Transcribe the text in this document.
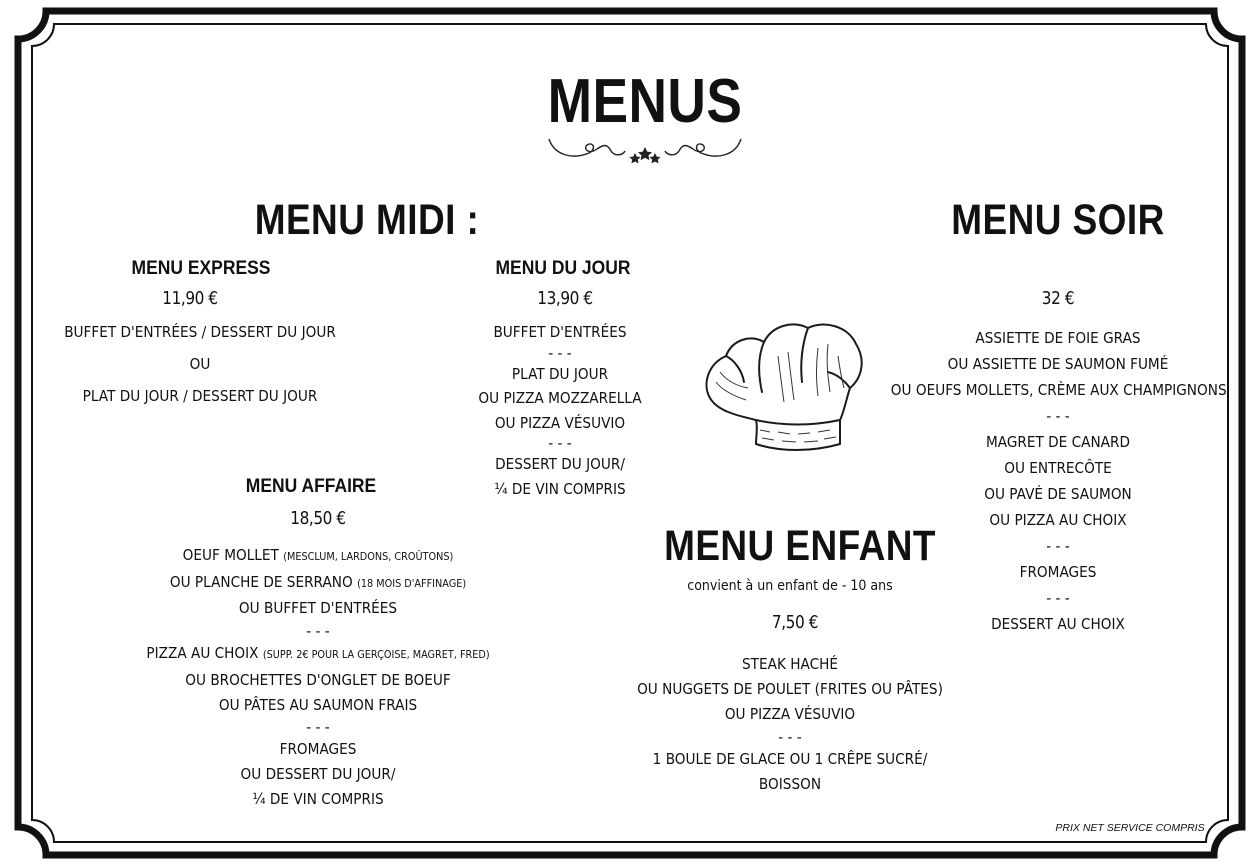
MENUS
MENU MIDI :
MENU EXPRESS
11,90 €
BUFFET D'ENTRÉES / DESSERT DU JOUR
OU
PLAT DU JOUR / DESSERT DU JOUR
MENU DU JOUR
13,90 €
BUFFET D'ENTRÉES
- - -
PLAT DU JOUR
OU PIZZA MOZZARELLA
OU PIZZA VÉSUVIO
- - -
DESSERT DU JOUR/
¼ DE VIN COMPRIS
MENU AFFAIRE
18,50 €
OEUF MOLLET (MESCLUM, LARDONS, CROÛTONS)
OU PLANCHE DE SERRANO (18 MOIS D'AFFINAGE)
OU BUFFET D'ENTRÉES
- - -
PIZZA AU CHOIX (SUPP. 2€ POUR LA GERÇOISE, MAGRET, FRED)
OU BROCHETTES D'ONGLET DE BOEUF
OU PÂTES AU SAUMON FRAIS
- - -
FROMAGES
OU DESSERT DU JOUR/
¼ DE VIN COMPRIS
MENU SOIR
32 €
ASSIETTE DE FOIE GRAS
OU ASSIETTE DE SAUMON FUMÉ
OU OEUFS MOLLETS, CRÈME AUX CHAMPIGNONS
- - -
MAGRET DE CANARD
OU ENTRECÔTE
OU PAVÉ DE SAUMON
OU PIZZA AU CHOIX
- - -
FROMAGES
- - -
DESSERT AU CHOIX
MENU ENFANT
convient à un enfant de - 10 ans
7,50 €
STEAK HACHÉ
OU NUGGETS DE POULET (FRITES OU PÂTES)
OU PIZZA VÉSUVIO
- - -
1 BOULE DE GLACE OU 1 CRÊPE SUCRÉ/
BOISSON
PRIX NET SERVICE COMPRIS
